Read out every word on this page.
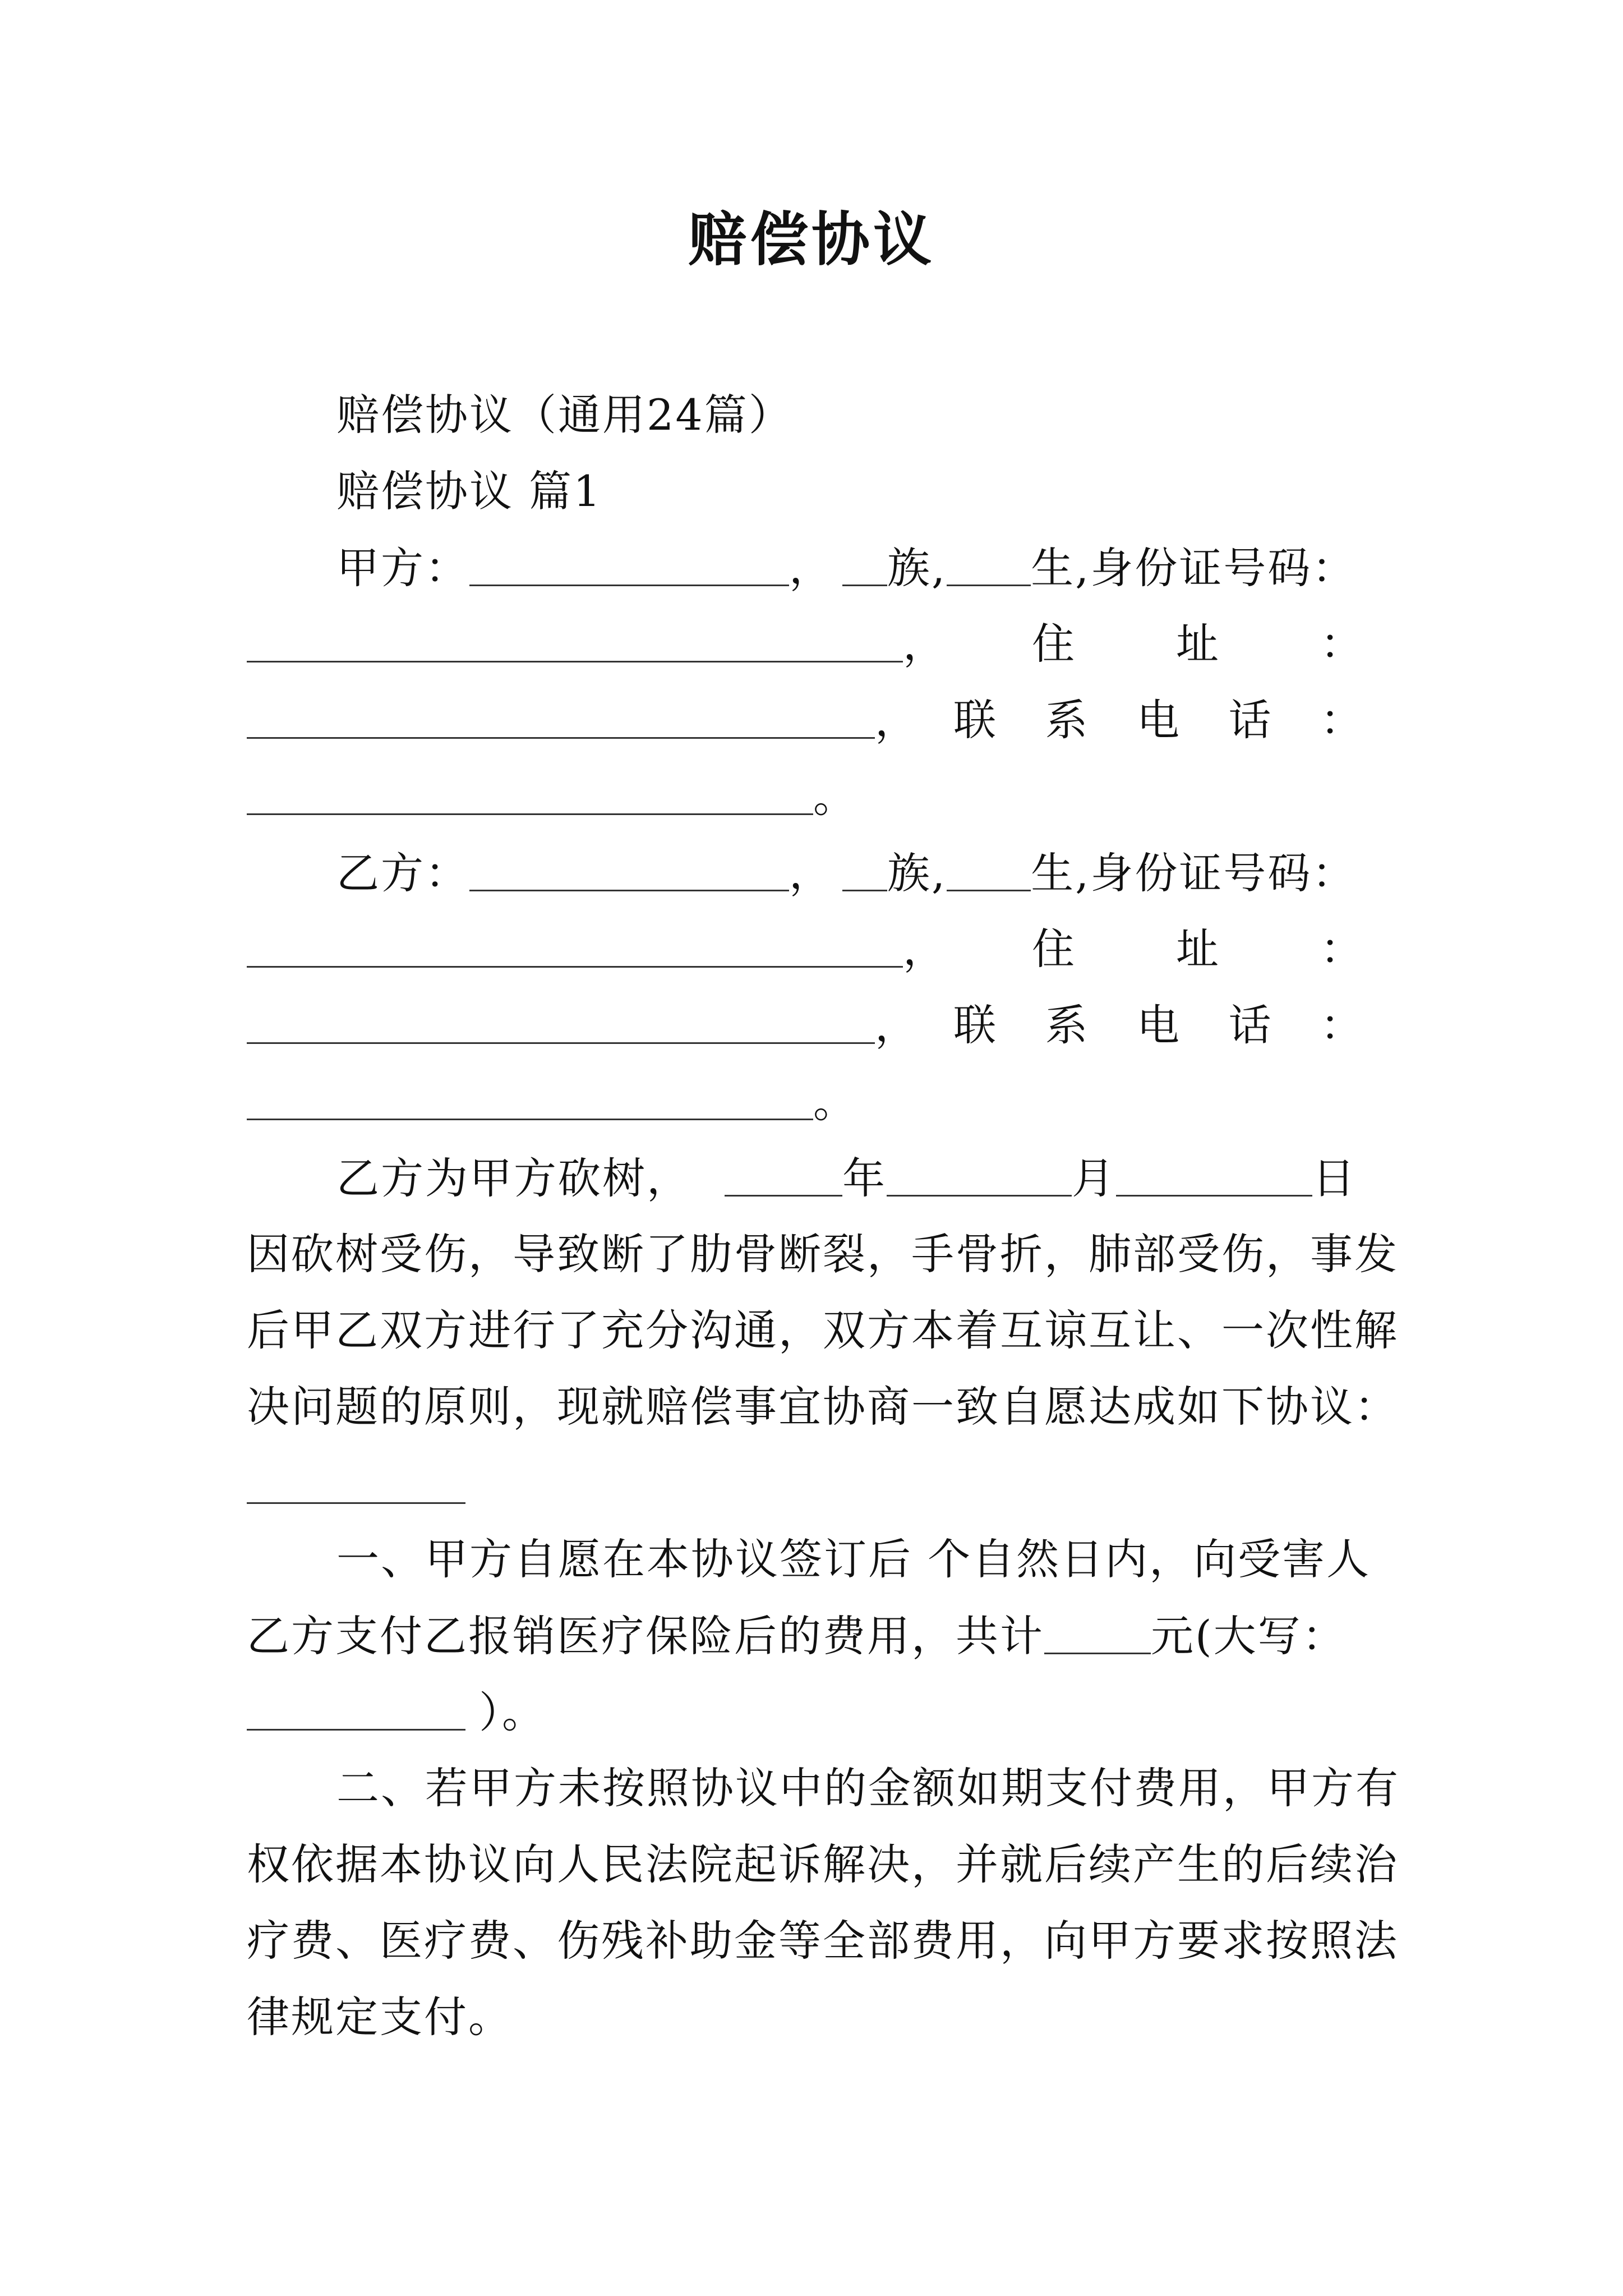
赔偿协议
赔偿协议（通用24篇）
赔偿协议 篇1
甲方：	， 族, 生,身份证号码：
， 住 址 ：
， 联 系 电 话 ：
。
乙方：	， 族, 生,身份证号码：
， 住 址 ：
， 联 系 电 话 ：
。
乙方为甲方砍树，	年	月	日
因砍树受伤，导致断了肋骨断裂，手骨折，肺部受伤，事发
后甲乙双方进行了充分沟通，双方本着互谅互让、一次性解
决问题的原则，现就赔偿事宜协商一致自愿达成如下协议：
一、甲方自愿在本协议签订后 个自然日内，向受害人
乙方支付乙报销医疗保险后的费用，共计	元(大写：
）。
二、若甲方未按照协议中的金额如期支付费用，甲方有
权依据本协议向人民法院起诉解决，并就后续产生的后续治
疗费、医疗费、伤残补助金等全部费用，向甲方要求按照法
律规定支付。
